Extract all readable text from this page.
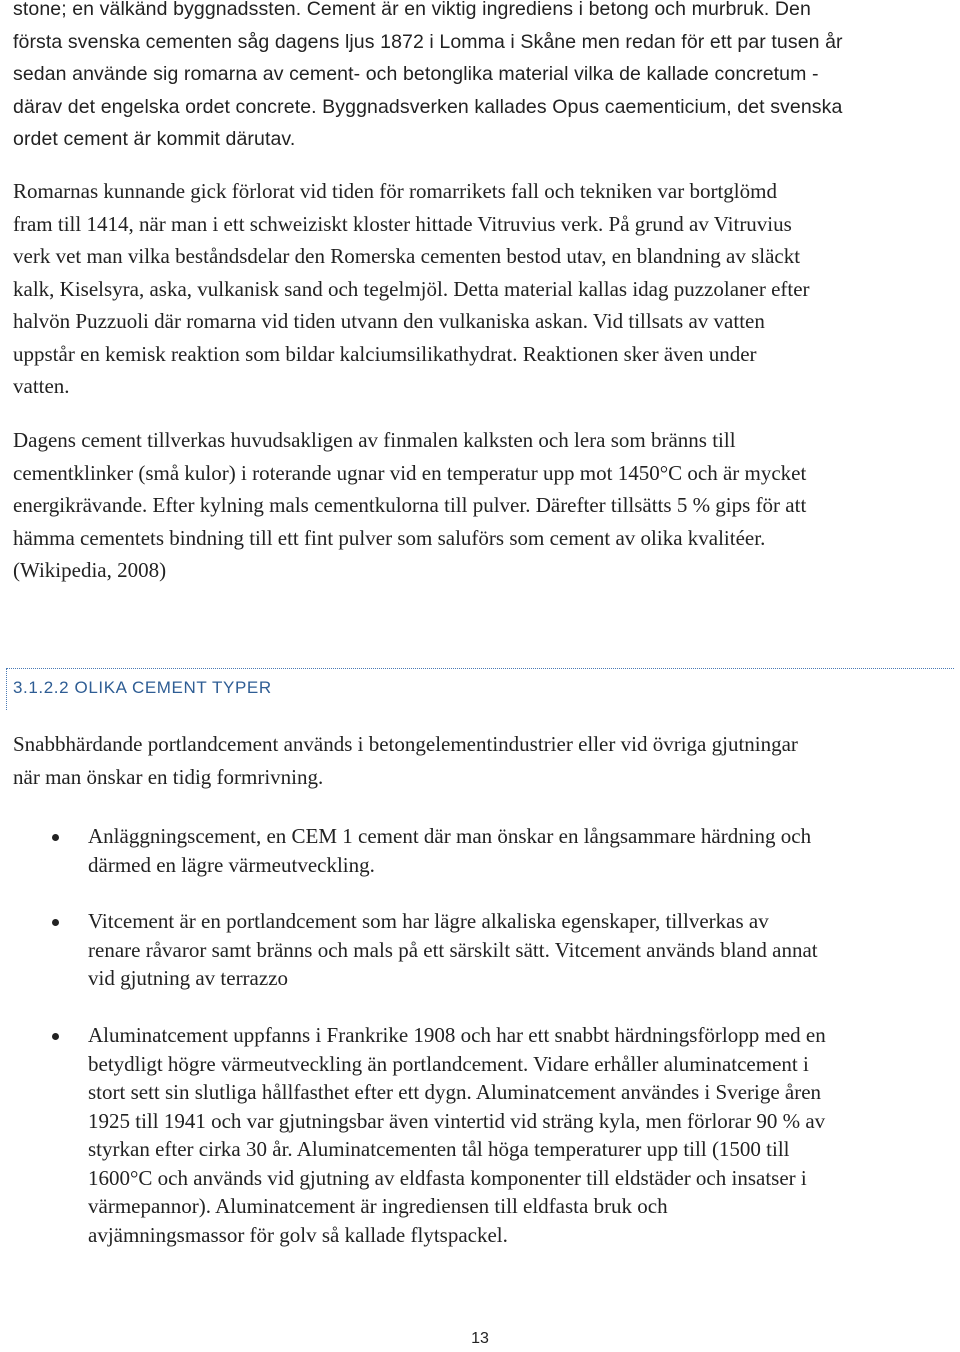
stone; en välkänd byggnadssten. Cement är en viktig ingrediens i betong och murbruk. Den
första svenska cementen såg dagens ljus 1872 i Lomma i Skåne men redan för ett par tusen år
sedan använde sig romarna av cement- och betonglika material vilka de kallade concretum -
därav det engelska ordet concrete. Byggnadsverken kallades Opus caementicium, det svenska
ordet cement är kommit därutav.
Romarnas kunnande gick förlorat vid tiden för romarrikets fall och tekniken var bortglömd
fram till 1414, när man i ett schweiziskt kloster hittade Vitruvius verk. På grund av Vitruvius
verk vet man vilka beståndsdelar den Romerska cementen bestod utav, en blandning av släckt
kalk, Kiselsyra, aska, vulkanisk sand och tegelmjöl. Detta material kallas idag puzzolaner efter
halvön Puzzuoli där romarna vid tiden utvann den vulkaniska askan. Vid tillsats av vatten
uppstår en kemisk reaktion som bildar kalciumsilikathydrat. Reaktionen sker även under
vatten.
Dagens cement tillverkas huvudsakligen av finmalen kalksten och lera som bränns till
cementklinker (små kulor) i roterande ugnar vid en temperatur upp mot 1450°C och är mycket
energikrävande. Efter kylning mals cementkulorna till pulver. Därefter tillsätts 5 % gips för att
hämma cementets bindning till ett fint pulver som saluförs som cement av olika kvalitéer.
(Wikipedia, 2008)
3.1.2.2 OLIKA CEMENT TYPER
Snabbhärdande portlandcement används i betongelementindustrier eller vid övriga gjutningar
när man önskar en tidig formrivning.
Anläggningscement, en CEM 1 cement där man önskar en långsammare härdning och
därmed en lägre värmeutveckling.
Vitcement är en portlandcement som har lägre alkaliska egenskaper, tillverkas av
renare råvaror samt bränns och mals på ett särskilt sätt. Vitcement används bland annat
vid gjutning av terrazzo
Aluminatcement uppfanns i Frankrike 1908 och har ett snabbt härdningsförlopp med en
betydligt högre värmeutveckling än portlandcement. Vidare erhåller aluminatcement i
stort sett sin slutliga hållfasthet efter ett dygn. Aluminatcement användes i Sverige åren
1925 till 1941 och var gjutningsbar även vintertid vid sträng kyla, men förlorar 90 % av
styrkan efter cirka 30 år. Aluminatcementen tål höga temperaturer upp till (1500 till
1600°C och används vid gjutning av eldfasta komponenter till eldstäder och insatser i
värmepannor). Aluminatcement är ingrediensen till eldfasta bruk och
avjämningsmassor för golv så kallade flytspackel.
13
